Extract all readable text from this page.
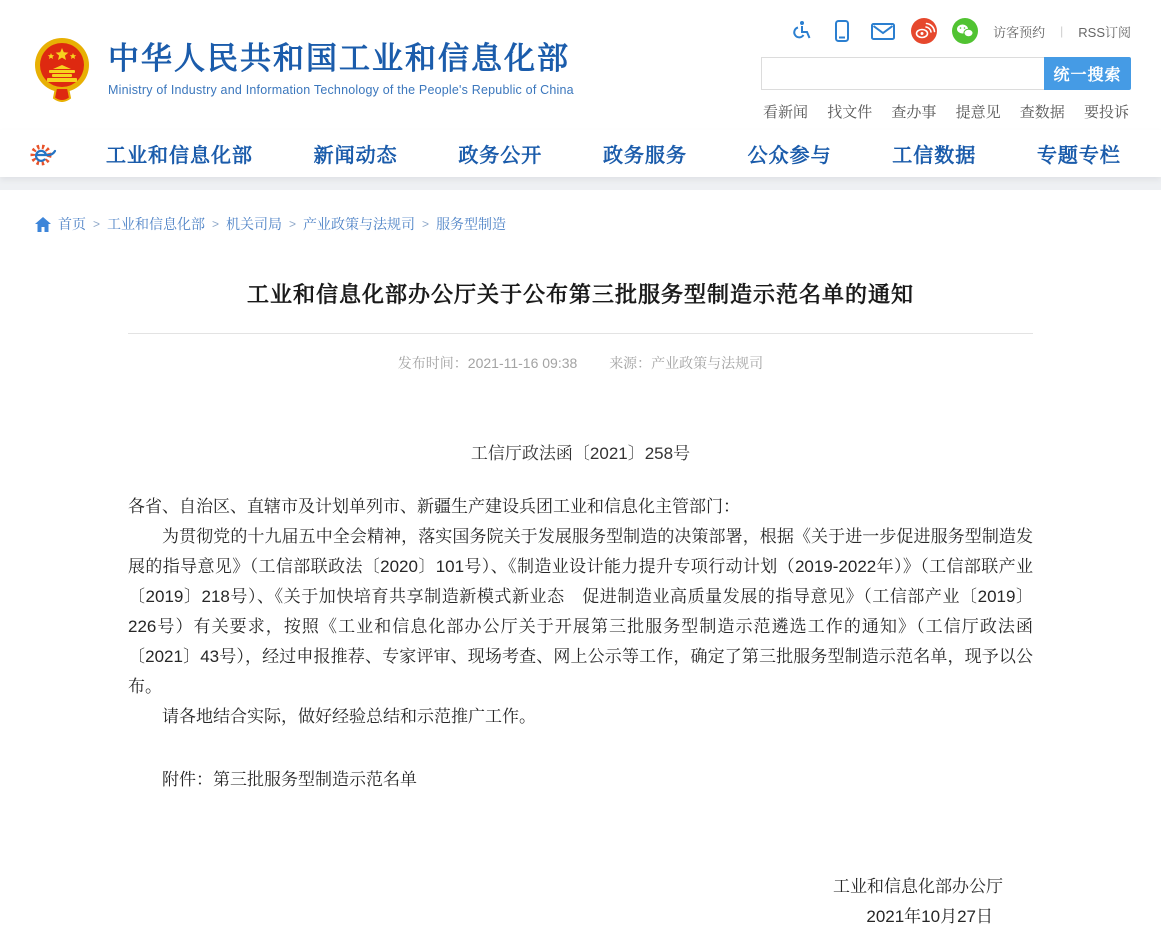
中华人民共和国工业和信息化部
Ministry of Industry and Information Technology of the People's Republic of China
访客预约 | RSS订阅
统一搜索
看新闻 找文件 查办事 提意见 查数据 要投诉
工业和信息化部	新闻动态	政务公开	政务服务	公众参与	工信数据	专题专栏
首页 > 工业和信息化部 > 机关司局 > 产业政策与法规司 > 服务型制造
工业和信息化部办公厅关于公布第三批服务型制造示范名单的通知
发布时间：2021-11-16 09:38 来源：产业政策与法规司
工信厅政法函〔2021〕258号

各省、自治区、直辖市及计划单列市、新疆生产建设兵团工业和信息化主管部门：

为贯彻党的十九届五中全会精神，落实国务院关于发展服务型制造的决策部署，根据《关于进一步促进服务型制造发展的指导意见》（工信部联政法〔2020〕101号）、《制造业设计能力提升专项行动计划（2019-2022年）》（工信部联产业〔2019〕218号）、《关于加快培育共享制造新模式新业态　促进制造业高质量发展的指导意见》（工信部产业〔2019〕226号）有关要求，按照《工业和信息化部办公厅关于开展第三批服务型制造示范遴选工作的通知》（工信厅政法函〔2021〕43号），经过申报推荐、专家评审、现场考查、网上公示等工作，确定了第三批服务型制造示范名单，现予以公布。

请各地结合实际，做好经验总结和示范推广工作。

附件：第三批服务型制造示范名单
工业和信息化部办公厅
2021年10月27日
